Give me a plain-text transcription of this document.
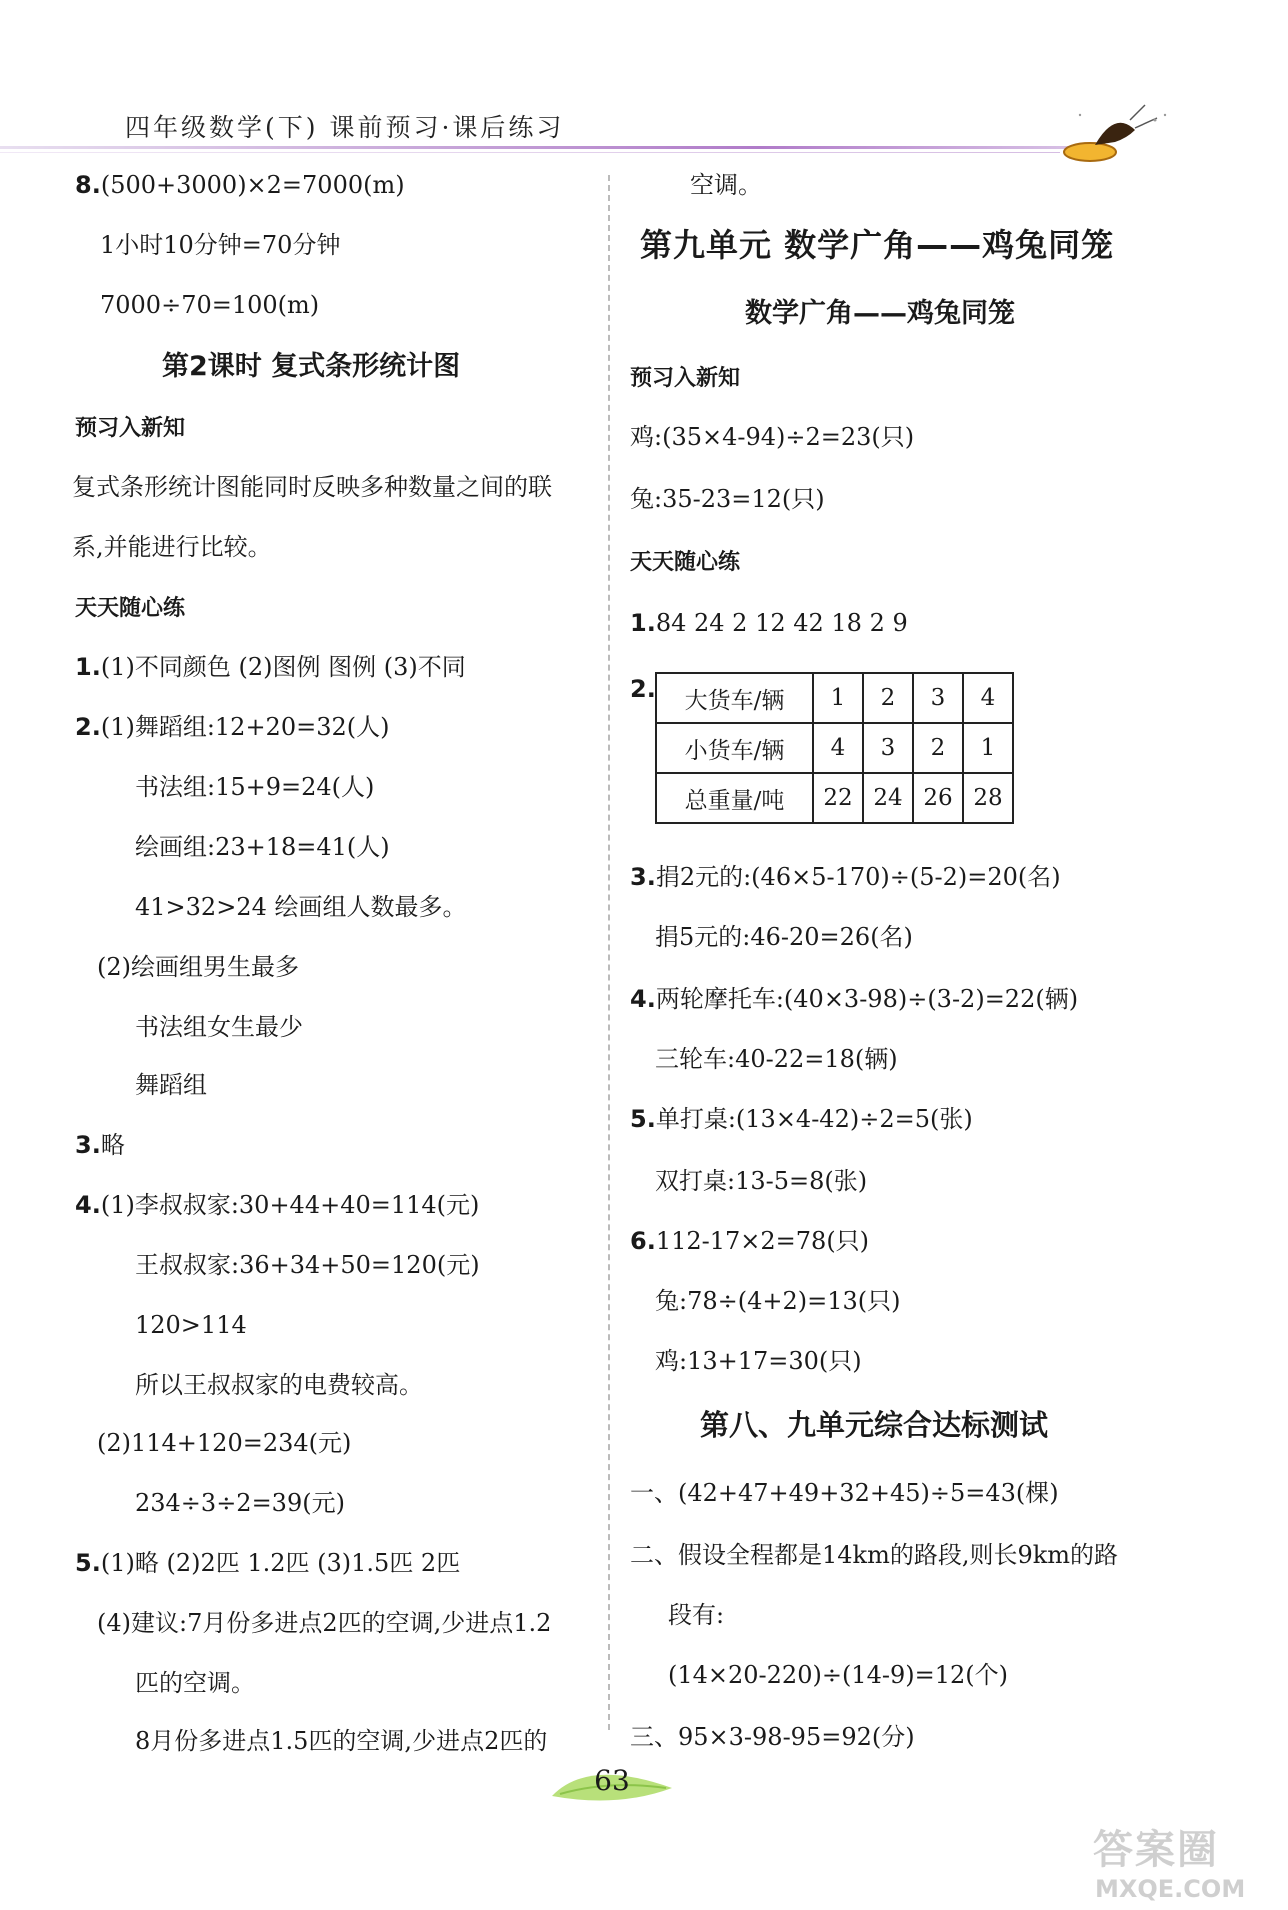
四年级数学(下) 课前预习·课后练习
8.(500+3000)×2=7000(m)
1小时10分钟=70分钟
7000÷70=100(m)
第2课时 复式条形统计图
预习入新知
复式条形统计图能同时反映多种数量之间的联
系,并能进行比较。
天天随心练
1.(1)不同颜色 (2)图例 图例 (3)不同
2.(1)舞蹈组:12+20=32(人)
书法组:15+9=24(人)
绘画组:23+18=41(人)
41>32>24 绘画组人数最多。
(2)绘画组男生最多
书法组女生最少
舞蹈组
3.略
4.(1)李叔叔家:30+44+40=114(元)
王叔叔家:36+34+50=120(元)
120>114
所以王叔叔家的电费较高。
(2)114+120=234(元)
234÷3÷2=39(元)
5.(1)略 (2)2匹 1.2匹 (3)1.5匹 2匹
(4)建议:7月份多进点2匹的空调,少进点1.2
匹的空调。
8月份多进点1.5匹的空调,少进点2匹的
空调。
第九单元 数学广角——鸡兔同笼
数学广角——鸡兔同笼
预习入新知
鸡:(35×4-94)÷2=23(只)
兔:35-23=12(只)
天天随心练
1.84 24 2 12 42 18 2 9
2. 大货车/辆	1	2	3	4
小货车/辆	4	3	2	1
总重量/吨	22	24	26	28
3.捐2元的:(46×5-170)÷(5-2)=20(名)
捐5元的:46-20=26(名)
4.两轮摩托车:(40×3-98)÷(3-2)=22(辆)
三轮车:40-22=18(辆)
5.单打桌:(13×4-42)÷2=5(张)
双打桌:13-5=8(张)
6.112-17×2=78(只)
兔:78÷(4+2)=13(只)
鸡:13+17=30(只)
第八、九单元综合达标测试
一、(42+47+49+32+45)÷5=43(棵)
二、假设全程都是14km的路段,则长9km的路
段有:
(14×20-220)÷(14-9)=12(个)
三、95×3-98-95=92(分)
63
答案圈
MXQE.COM
